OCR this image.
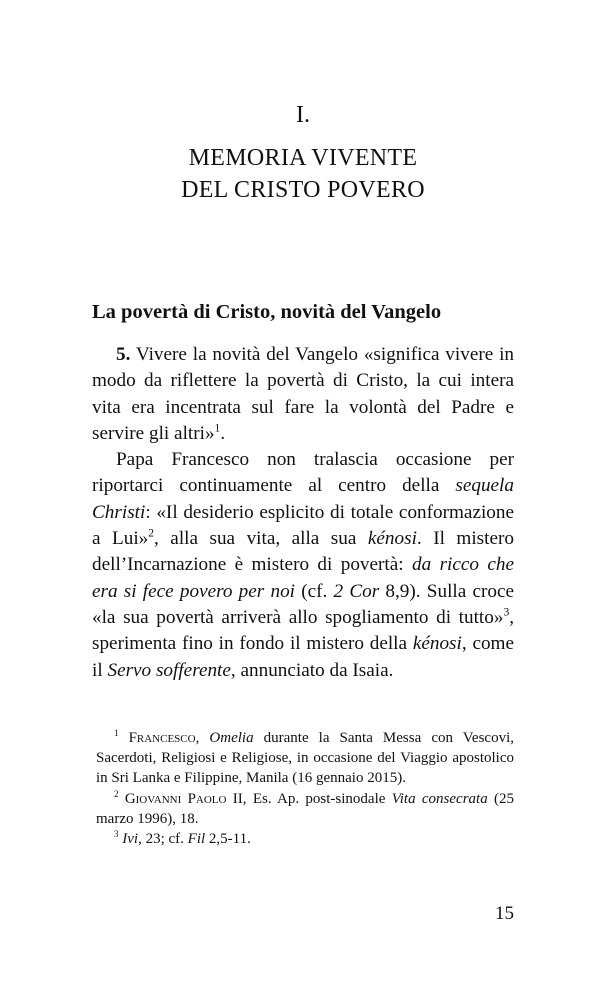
I.
MEMORIA VIVENTE
DEL CRISTO POVERO
La povertà di Cristo, novità del Vangelo

5. Vivere la novità del Vangelo «significa vivere in modo da riflettere la povertà di Cristo, la cui intera vita era incentrata sul fare la volontà del Padre e servire gli altri»$^1$.

Papa Francesco non tralascia occasione per riportarci continuamente al centro della sequela Christi: «Il desiderio esplicito di totale conformazione a Lui»$^2$, alla sua vita, alla sua kénosi. Il mistero dell’Incarnazione è mistero di povertà: da ricco che era si fece povero per noi (cf. 2 Cor 8,9). Sulla croce «la sua povertà arriverà allo spogliamento di tutto»$^3$, sperimenta fino in fondo il mistero della kénosi, come il Servo sofferente, annunciato da Isaia.

$^1$ Francesco, Omelia durante la Santa Messa con Vescovi, Sacerdoti, Religiosi e Religiose, in occasione del Viaggio apostolico in Sri Lanka e Filippine, Manila (16 gennaio 2015).

$^2$ Giovanni Paolo II, Es. Ap. post-sinodale Vita consecrata (25 marzo 1996), 18.

$^3$ Ivi, 23; cf. Fil 2,5-11.

15
